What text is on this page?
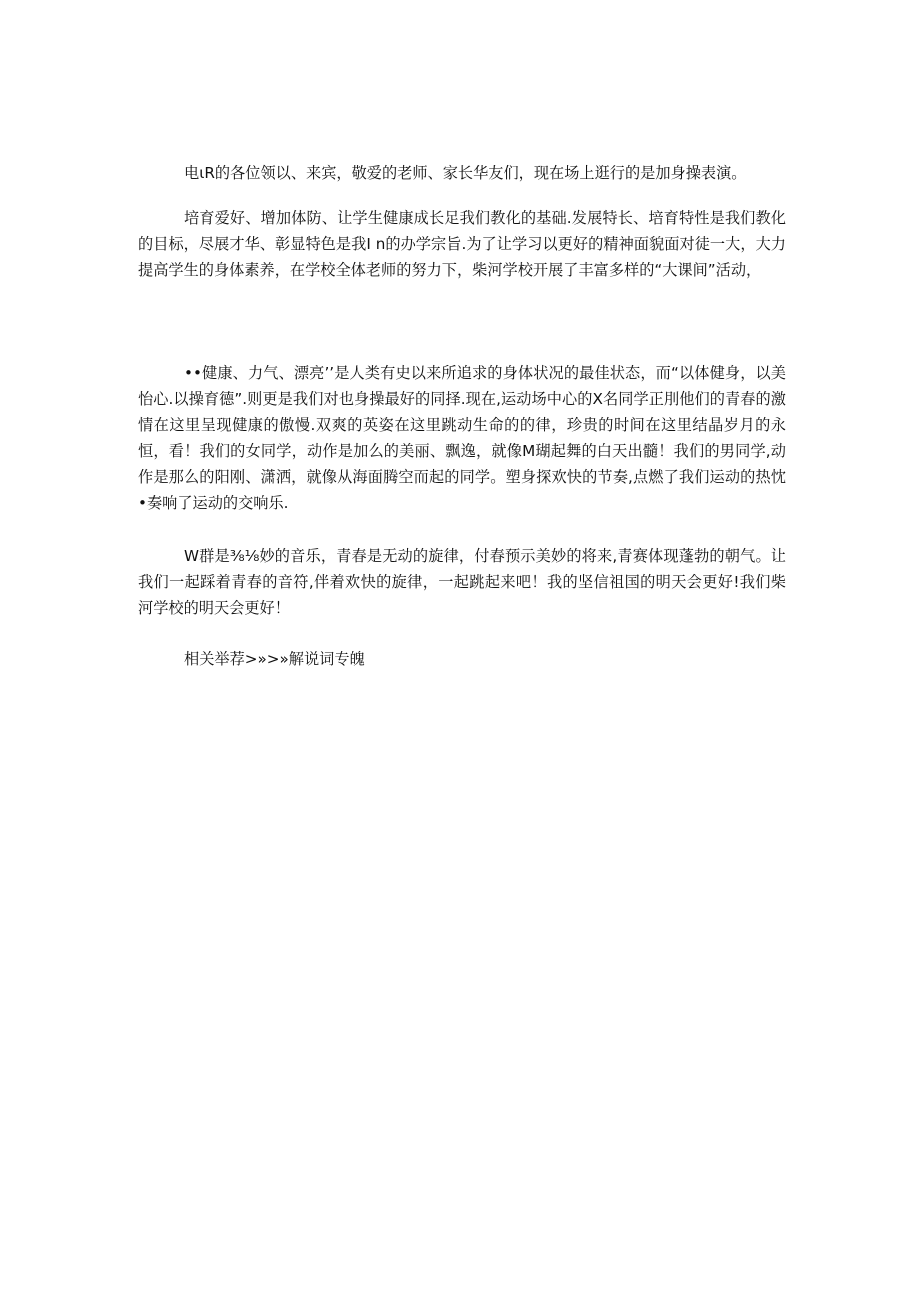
电ιR的各位领以、来宾，敬爱的老师、家长华友们，现在场上逛行的是加身操表演。

培育爱好、增加体防、让学生健康成长足我们教化的基础.发展特长、培育特性是我们教化的目标，尽展才华、彰显特色是我I n的办学宗旨.为了让学习以更好的精神面貌面对徒一大，大力提高学生的身体素养，在学校全体老师的努力下，柴河学校开展了丰富多样的“大课间”活动，

••健康、力气、漂亮’’是人类有史以来所追求的身体状况的最佳状态，而“以体健身，以美怡心.以操育德”.则更是我们对也身操最好的同择.现在,运动场中心的X名同学正刖他们的青春的激情在这里呈现健康的傲慢.双爽的英姿在这里跳动生命的的律，珍贵的时间在这里结晶岁月的永恒，看！我们的女同学，动作是加么的美丽、飘逸，就像M瑚起舞的白天出髓！我们的男同学,动作是那么的阳刚、潇洒，就像从海面腾空而起的同学。塑身探欢快的节奏,点燃了我们运动的热忱•奏响了运动的交响乐.

W群是⅜⅛妙的音乐，青春是无动的旋律，付春预示美妙的将来,青赛体现蓬勃的朝气。让我们一起踩着青春的音符,伴着欢快的旋律，一起跳起来吧！我的坚信祖国的明天会更好!我们柴河学校的明天会更好！

相关举荐>»>»解说词专魄
